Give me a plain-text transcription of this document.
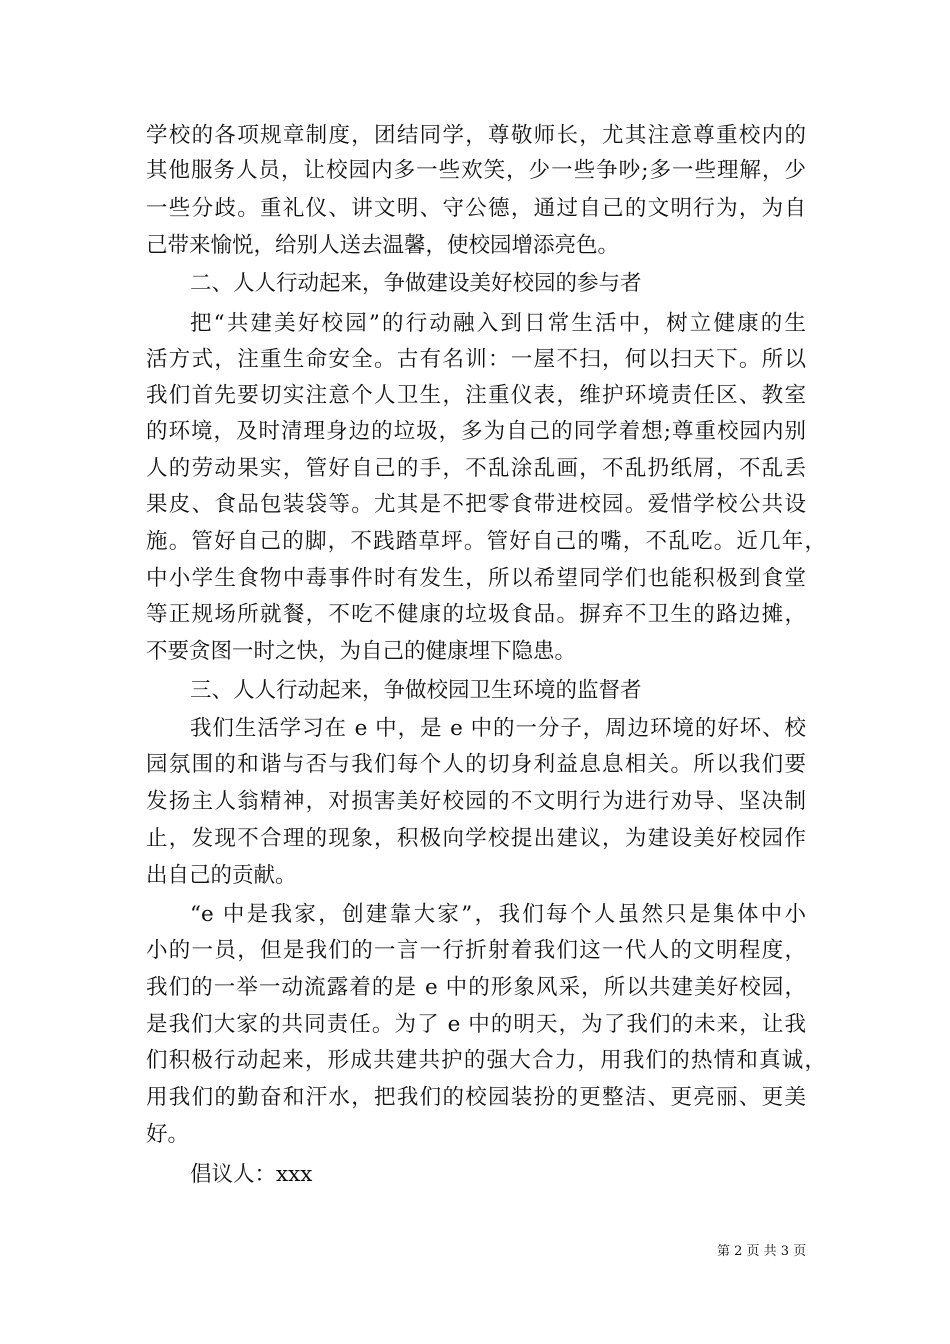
学校的各项规章制度，团结同学，尊敬师长，尤其注意尊重校内的
其他服务人员，让校园内多一些欢笑，少一些争吵;多一些理解，少
一些分歧。重礼仪、讲文明、守公德，通过自己的文明行为，为自
己带来愉悦，给别人送去温馨，使校园增添亮色。
二、人人行动起来，争做建设美好校园的参与者
把“共建美好校园”的行动融入到日常生活中，树立健康的生
活方式，注重生命安全。古有名训：一屋不扫，何以扫天下。所以
我们首先要切实注意个人卫生，注重仪表，维护环境责任区、教室
的环境，及时清理身边的垃圾，多为自己的同学着想;尊重校园内别
人的劳动果实，管好自己的手，不乱涂乱画，不乱扔纸屑，不乱丢
果皮、食品包装袋等。尤其是不把零食带进校园。爱惜学校公共设
施。管好自己的脚，不践踏草坪。管好自己的嘴，不乱吃。近几年，
中小学生食物中毒事件时有发生，所以希望同学们也能积极到食堂
等正规场所就餐，不吃不健康的垃圾食品。摒弃不卫生的路边摊，
不要贪图一时之快，为自己的健康埋下隐患。
三、人人行动起来，争做校园卫生环境的监督者
我们生活学习在 e 中，是 e 中的一分子，周边环境的好坏、校
园氛围的和谐与否与我们每个人的切身利益息息相关。所以我们要
发扬主人翁精神，对损害美好校园的不文明行为进行劝导、坚决制
止，发现不合理的现象，积极向学校提出建议，为建设美好校园作
出自己的贡献。
“e 中是我家，创建靠大家”，我们每个人虽然只是集体中小
小的一员，但是我们的一言一行折射着我们这一代人的文明程度，
我们的一举一动流露着的是 e 中的形象风采，所以共建美好校园，
是我们大家的共同责任。为了 e 中的明天，为了我们的未来，让我
们积极行动起来，形成共建共护的强大合力，用我们的热情和真诚，
用我们的勤奋和汗水，把我们的校园装扮的更整洁、更亮丽、更美
好。
倡议人：xxx
第 2 页 共 3 页
